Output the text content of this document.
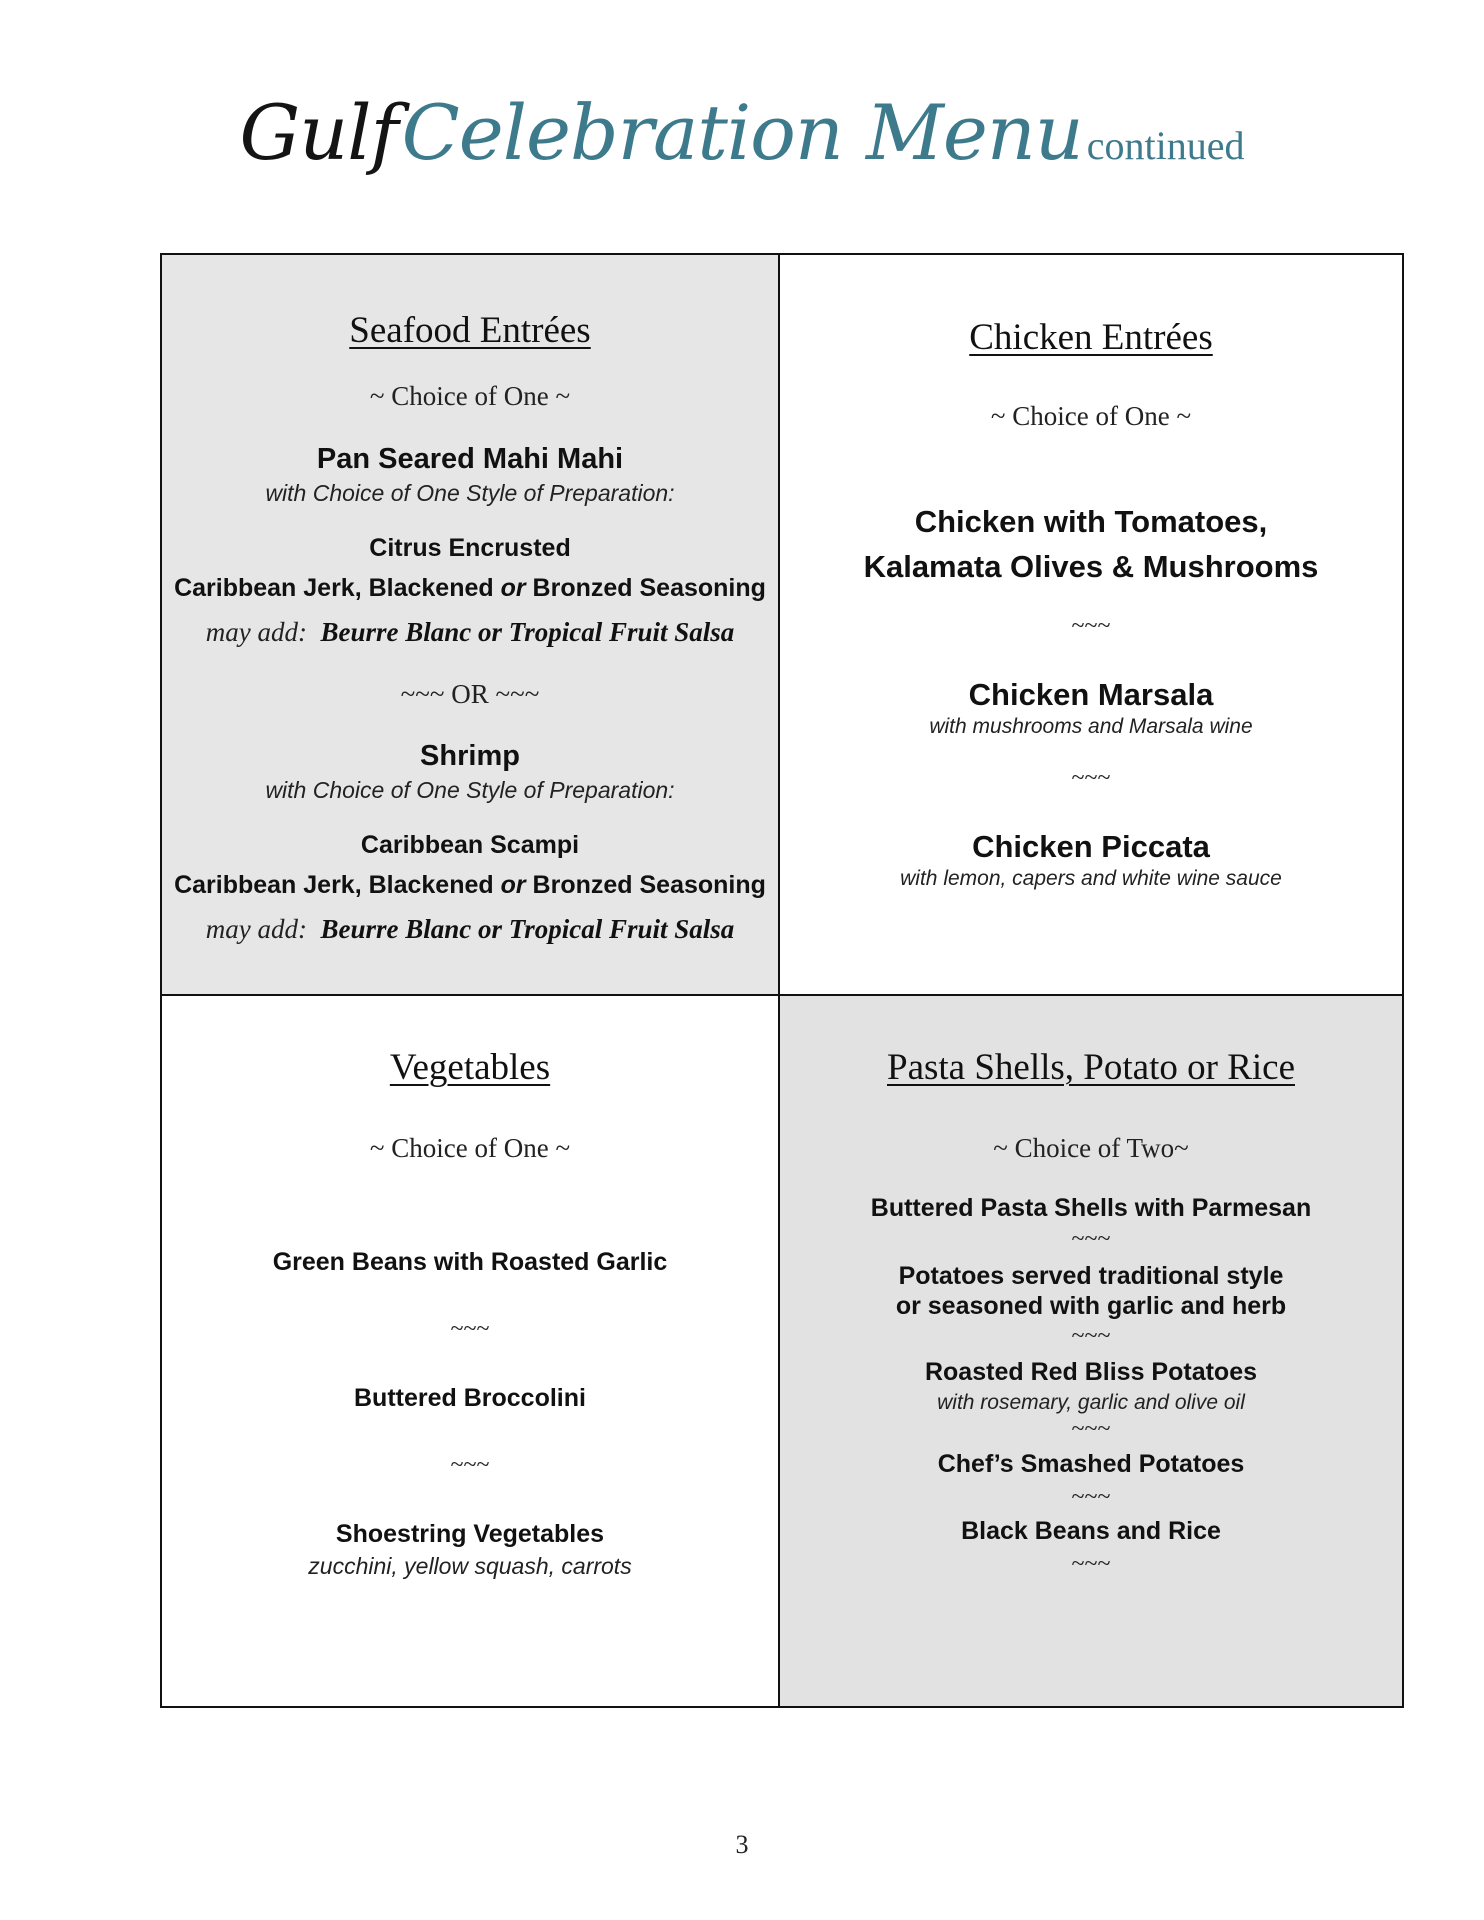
Gulf Celebration Menu continued
Seafood Entrées
~ Choice of One ~
Pan Seared Mahi Mahi
with Choice of One Style of Preparation:
Citrus Encrusted
Caribbean Jerk, Blackened or Bronzed Seasoning
may add: Beurre Blanc or Tropical Fruit Salsa
~~~ OR ~~~
Shrimp
with Choice of One Style of Preparation:
Caribbean Scampi
Caribbean Jerk, Blackened or Bronzed Seasoning
may add: Beurre Blanc or Tropical Fruit Salsa
Chicken Entrées
~ Choice of One ~
Chicken with Tomatoes,
Kalamata Olives & Mushrooms
~~~
Chicken Marsala
with mushrooms and Marsala wine
~~~
Chicken Piccata
with lemon, capers and white wine sauce
Vegetables
~ Choice of One ~
Green Beans with Roasted Garlic
~~~
Buttered Broccolini
~~~
Shoestring Vegetables
zucchini, yellow squash, carrots
Pasta Shells, Potato or Rice
~ Choice of Two~
Buttered Pasta Shells with Parmesan
~~~
Potatoes served traditional style
or seasoned with garlic and herb
~~~
Roasted Red Bliss Potatoes
with rosemary, garlic and olive oil
~~~
Chef’s Smashed Potatoes
~~~
Black Beans and Rice
~~~
3
